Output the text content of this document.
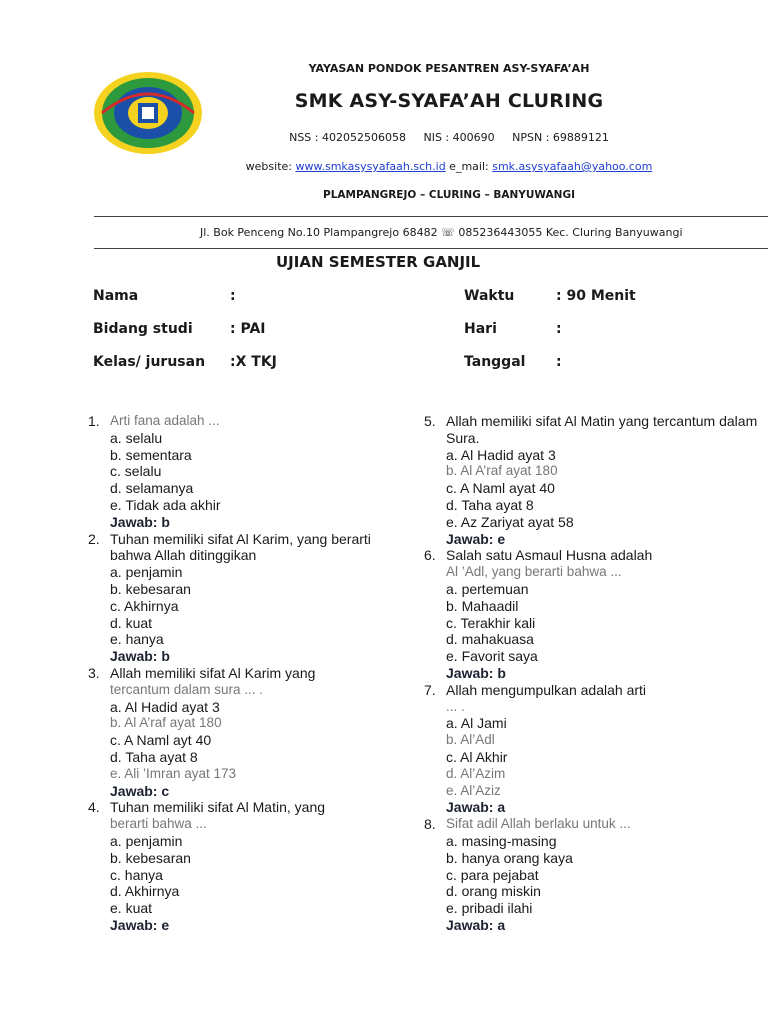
YAYASAN PONDOK PESANTREN ASY-SYAFA’AH
SMK ASY-SYAFA’AH CLURING
NSS : 402052506058 NIS : 400690 NPSN : 69889121
website: www.smkasysyafaah.sch.id e_mail: smk.asysyafaah@yahoo.com
PLAMPANGREJO – CLURING – BANYUWANGI
Jl. Bok Penceng No.10 Plampangrejo 68482 ☏ 085236443055 Kec. Cluring Banyuwangi
UJIAN SEMESTER GANJIL
Nama	:	Waktu	: 90 Menit
Bidang studi	: PAI	Hari	:
Kelas/ jurusan :X TKJ	Tanggal :
1. Arti fana adalah ...
a. selalu
b. sementara
c. selalu
d. selamanya
e. Tidak ada akhir
Jawab: b
2. Tuhan memiliki sifat Al Karim, yang berarti bahwa Allah ditinggikan
a. penjamin
b. kebesaran
c. Akhirnya
d. kuat
e. hanya
Jawab: b
3. Allah memiliki sifat Al Karim yang
tercantum dalam sura ... .
a. Al Hadid ayat 3
b. Al A’raf ayat 180
c. A Naml ayt 40
d. Taha ayat 8
e. Ali ’Imran ayat 173
Jawab: c
4. Tuhan memiliki sifat Al Matin, yang
berarti bahwa ...
a. penjamin
b. kebesaran
c. hanya
d. Akhirnya
e. kuat
Jawab: e
5. Allah memiliki sifat Al Matin yang tercantum dalam Sura.
a. Al Hadid ayat 3
b. Al A’raf ayat 180
c. A Naml ayat 40
d. Taha ayat 8
e. Az Zariyat ayat 58
Jawab: e
6. Salah satu Asmaul Husna adalah
Al ’Adl, yang berarti bahwa ...
a. pertemuan
b. Mahaadil
c. Terakhir kali
d. mahakuasa
e. Favorit saya
Jawab: b
7. Allah mengumpulkan adalah arti
... .
a. Al Jami
b. Al’Adl
c. Al Akhir
d. Al’Azim
e. Al’Aziz
Jawab: a
8. Sifat adil Allah berlaku untuk ...
a. masing-masing
b. hanya orang kaya
c. para pejabat
d. orang miskin
e. pribadi ilahi
Jawab: a
